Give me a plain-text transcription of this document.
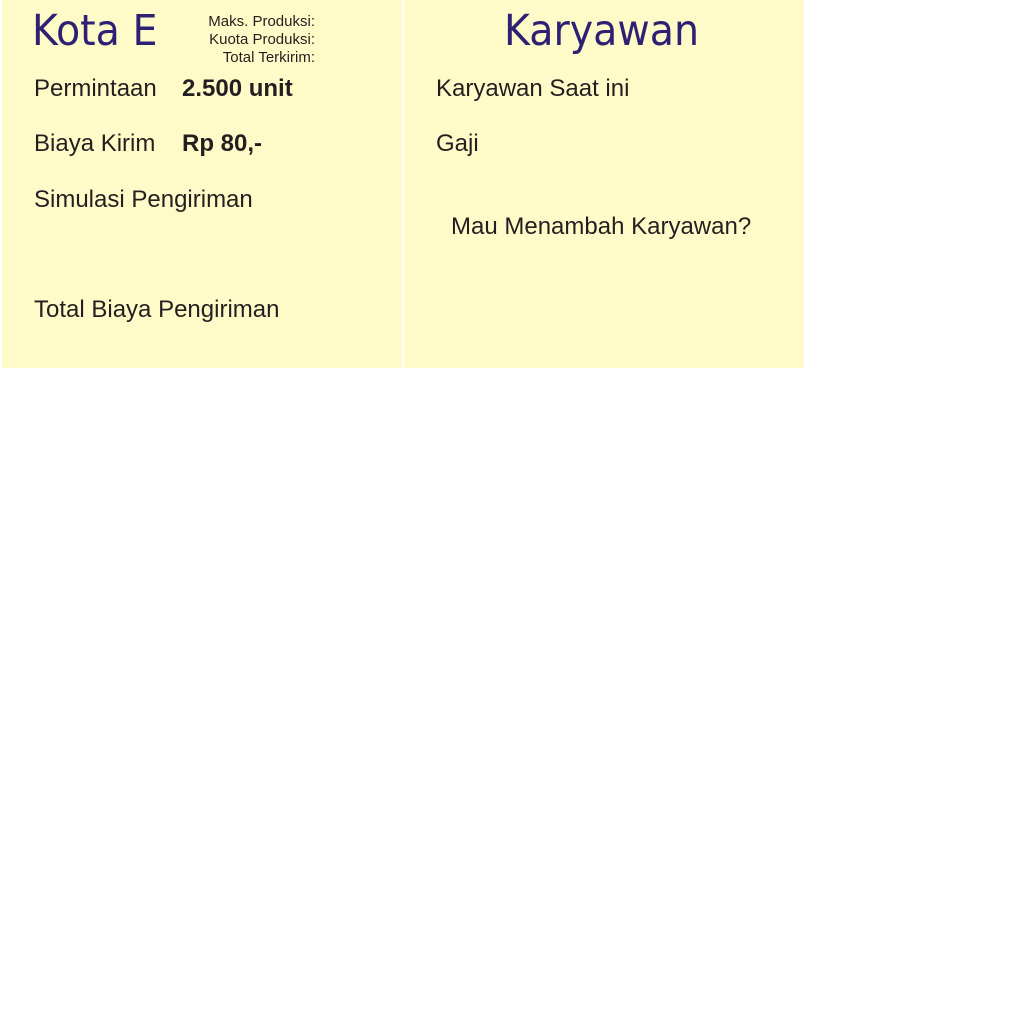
Kota E	Maks. Produksi:
Kuota Produksi:
Total Terkirim:
Permintaan 2.500 unit
Biaya Kirim Rp 80,-
Simulasi Pengiriman
Total Biaya Pengiriman
Karyawan
Karyawan Saat ini
Gaji
Mau Menambah Karyawan?
